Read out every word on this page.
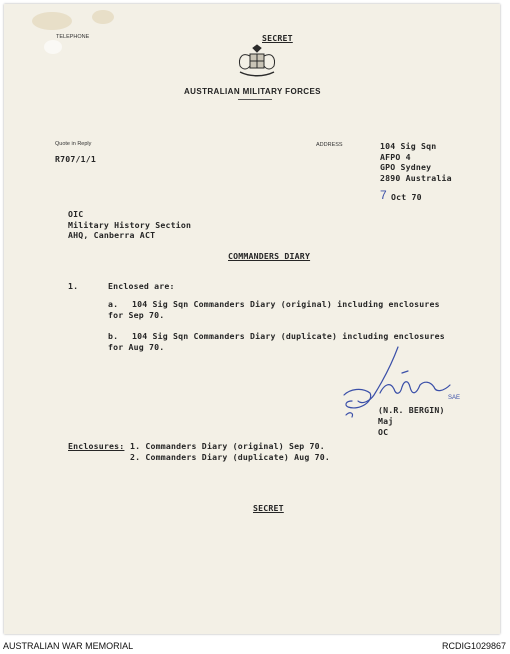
TELEPHONE	SECRET
AUSTRALIAN MILITARY FORCES
Quote in Reply
R707/1/1
ADDRESS	104 Sig Sqn
AFPO 4
GPO Sydney
2890 Australia
7 Oct 70
OIC
Military History Section
AHQ, Canberra ACT
COMMANDERS DIARY
1.	Enclosed are:
a. 104 Sig Sqn Commanders Diary (original) including enclosures
for Sep 70.
b. 104 Sig Sqn Commanders Diary (duplicate) including enclosures
for Aug 70.
SAE
(N.R. BERGIN)
Maj
OC
Enclosures: 1. Commanders Diary (original) Sep 70.
2. Commanders Diary (duplicate) Aug 70.
SECRET
AUSTRALIAN WAR MEMORIAL	RCDIG1029867
